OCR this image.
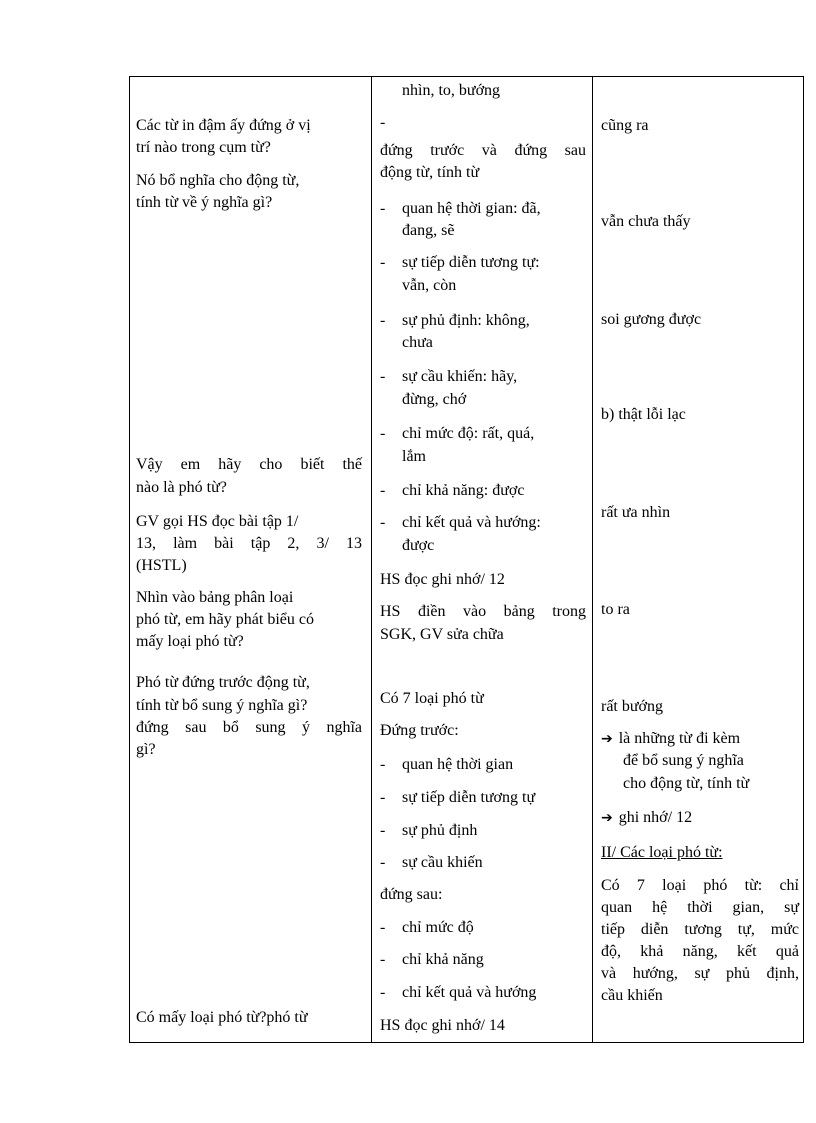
Các từ in đậm ấy đứng ở vị
trí nào trong cụm từ?
Nó bổ nghĩa cho động từ,
tính từ về ý nghĩa gì?
Vậy em hãy cho biết thế
nào là phó từ?
GV gọi HS đọc bài tập 1/
13, làm bài tập 2, 3/ 13
(HSTL)
Nhìn vào bảng phân loại
phó từ, em hãy phát biểu có
mấy loại phó từ?
Phó từ đứng trước động từ,
tính từ bổ sung ý nghĩa gì?
đứng sau bổ sung ý nghĩa
gì?
Có mấy loại phó từ?phó từ
nhìn, to, bướng
-
đứng trước và đứng sau
động từ, tính từ
- quan hệ thời gian: đã,
đang, sẽ
- sự tiếp diễn tương tự:
vẫn, còn
- sự phủ định: không,
chưa
- sự cầu khiến: hãy,
đừng, chớ
- chỉ mức độ: rất, quá,
lắm
- chỉ khả năng: được
- chỉ kết quả và hướng:
được
HS đọc ghi nhớ/ 12
HS điền vào bảng trong
SGK, GV sửa chữa
Có 7 loại phó từ
Đứng trước:
- quan hệ thời gian
- sự tiếp diễn tương tự
- sự phủ định
- sự cầu khiến
đứng sau:
- chỉ mức độ
- chỉ khả năng
- chỉ kết quả và hướng
HS đọc ghi nhớ/ 14
cũng ra
vẫn chưa thấy
soi gương được
b) thật lỗi lạc
rất ưa nhìn
to ra
rất bướng
➔ là những từ đi kèm
để bổ sung ý nghĩa
cho động từ, tính từ
➔ ghi nhớ/ 12
II/ Các loại phó từ:
Có 7 loại phó từ: chỉ
quan hệ thời gian, sự
tiếp diễn tương tự, mức
độ, khả năng, kết quả
và hướng, sự phủ định,
cầu khiến
